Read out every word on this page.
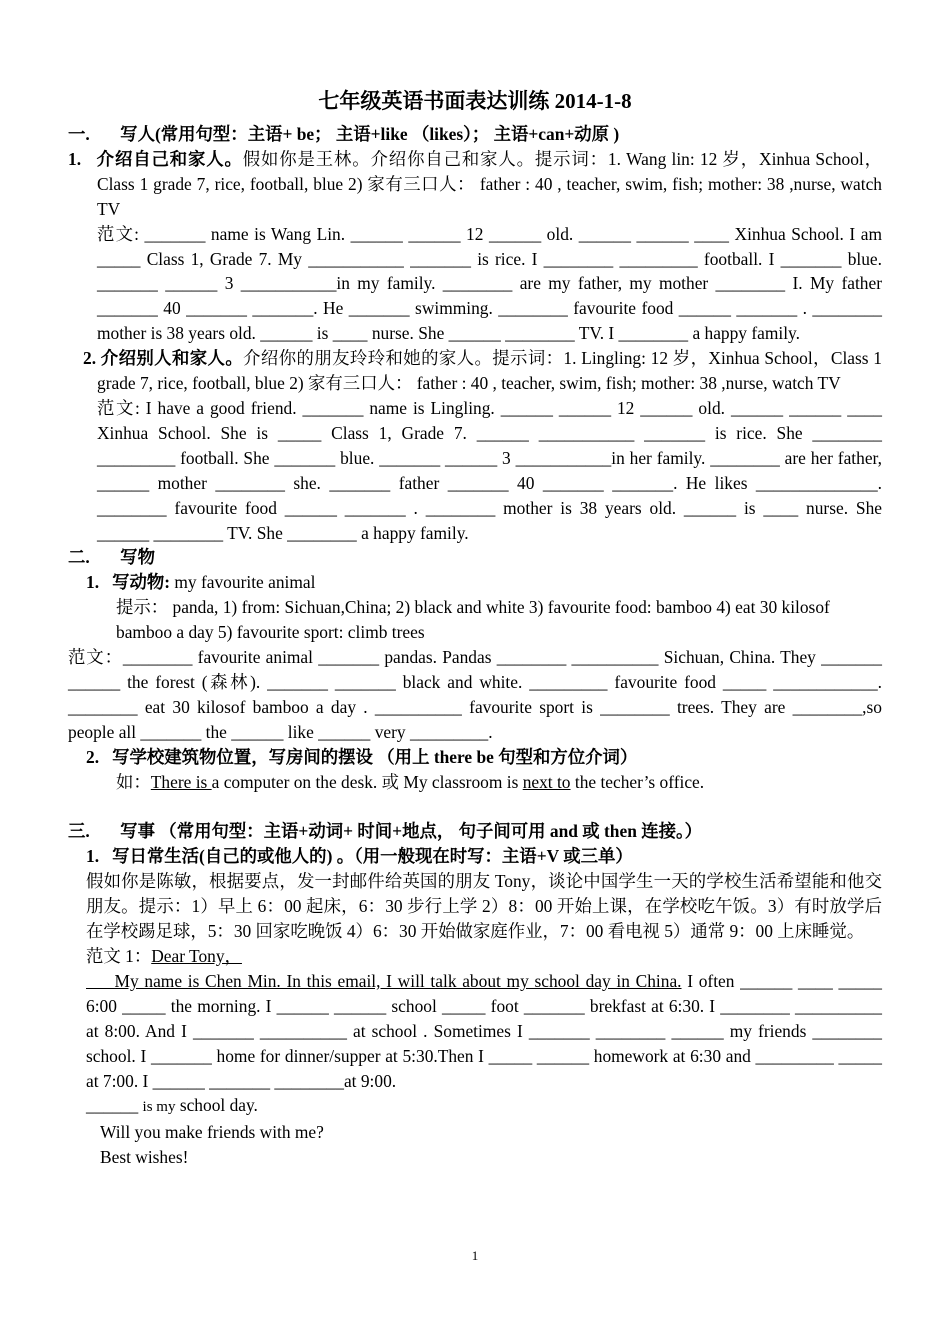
七年级英语书面表达训练 2014-1-8

一.       写人(常用句型：主语+ be； 主语+like （likes）； 主语+can+动原 )

1.   介绍自己和家人。假如你是王林。介绍你自己和家人。提示词：1. Wang lin: 12 岁，Xinhua School，Class 1 grade 7, rice, football, blue 2) 家有三口人： father : 40 , teacher, swim, fish; mother: 38 ,nurse, watch TV

范文: _______ name is Wang Lin. ______ ______ 12 ______ old. ______ ______ ____ Xinhua School. I am _____ Class 1, Grade 7. My ___________ _______ is rice. I ________ _________ football. I _______ blue. _______ ______ 3 ___________in my family. ________ are my father, my mother ________ I. My father _______ 40 _______ _______. He _______ swimming. ________ favourite food ______ _______ . ________ mother is 38 years old. ______ is ____ nurse. She ______ ________ TV. I ________ a happy family.

2. 介绍别人和家人。介绍你的朋友玲玲和她的家人。提示词：1. Lingling: 12 岁，Xinhua School，Class 1 grade 7, rice, football, blue 2) 家有三口人： father : 40 , teacher, swim, fish; mother: 38 ,nurse, watch TV

范文: I have a good friend. _______ name is Lingling. ______ ______ 12 ______ old. ______ ______ ____ Xinhua School. She is _____ Class 1, Grade 7. ______ ___________ _______ is rice. She ________ _________ football. She _______ blue. _______ ______ 3 ___________in her family. ________ are her father, ______ mother ________ she. _______ father _______ 40 _______ _______. He likes ______________. ________ favourite food ______ _______ . ________ mother is 38 years old. ______ is ____ nurse. She ______ ________ TV. She ________ a happy family.

二.       写物

1.   写动物: my favourite animal

提示： panda, 1) from: Sichuan,China; 2) black and white 3) favourite food: bamboo 4) eat 30 kilosof bamboo a day 5) favourite sport: climb trees

范文：________ favourite animal _______ pandas. Pandas ________ __________ Sichuan, China. They _______ ______ the forest (森林). _______ _______ black and white. _________ favourite food _____ ____________. ________ eat 30 kilosof bamboo a day . __________ favourite sport is ________ trees. They are ________,so people all _______ the ______ like ______ very _________.

2.   写学校建筑物位置，写房间的摆设 （用上 there be 句型和方位介词）

如：There is a computer on the desk. 或 My classroom is next to the techer’s office.

三.       写事 （常用句型：主语+动词+ 时间+地点， 句子间可用 and 或 then 连接。）

1.   写日常生活(自己的或他人的) 。（用一般现在时写：主语+V 或三单）

假如你是陈敏，根据要点，发一封邮件给英国的朋友 Tony，谈论中国学生一天的学校生活希望能和他交朋友。提示：1）早上 6：00 起床，6：30 步行上学 2）8：00 开始上课，在学校吃午饭。3）有时放学后在学校踢足球，5：30 回家吃晚饭 4）6：30 开始做家庭作业，7：00 看电视 5）通常 9：00 上床睡觉。

范文 1：Dear Tony，

My name is Chen Min. In this email, I will talk about my school day in China. I often ______ ____ _____ 6:00 _____ the morning. I ______ ______ school _____ foot _______ brekfast at 6:30. I ________ __________ at 8:00. And I _______ __________ at school . Sometimes I _______ ________ ______ my friends ________ school. I _______ home for dinner/supper at 5:30.Then I _____ ______ homework at 6:30 and _________ _____ at 7:00. I ______ _______ ________at 9:00.

______ is my school day.

Will you make friends with me?

Best wishes!

1
